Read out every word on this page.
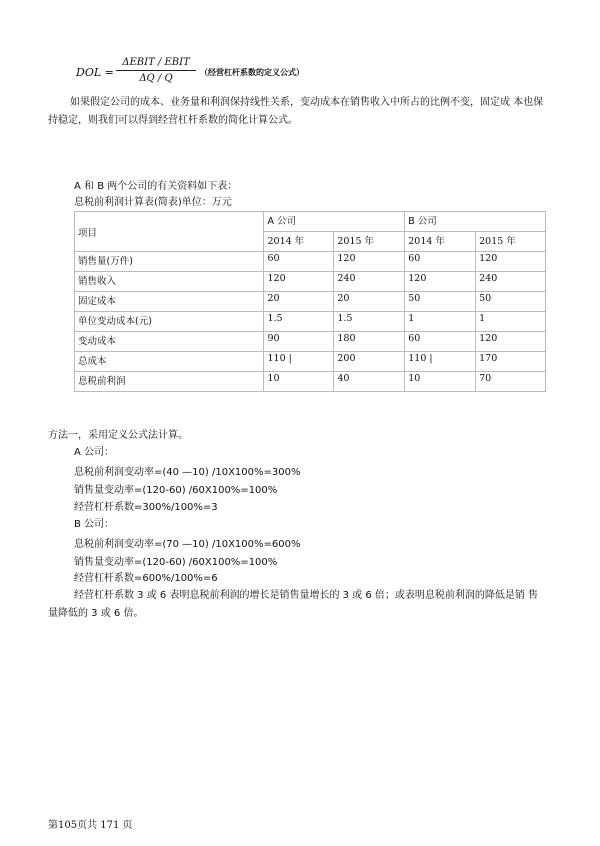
DOL =
ΔEBIT / EBIT
ΔQ / Q
（经营杠杆系数的定义公式）
如果假定公司的成本、业务量和利润保持线性关系，变动成本在销售收入中所占的比例不变，固定成 本也保持稳定，则我们可以得到经营杠杆系数的简化计算公式。
A 和 B 两个公司的有关资料如下表：
息税前利润计算表(简表)单位：万元
项目	A 公司		B 公司	
	2014 年	2015 年	2014 年	2015 年
销售量(万件)	60	120	60	120
销售收入	120	240	120	240
固定成本	20	20	50	50
单位变动成本(元)	1.5	1.5	1	1
变动成本	90	180	60	120
总成本	110 |	200	110 |	170
息税前利润	10	40	10	70
方法一，采用定义公式法计算。
A 公司：
息税前利润变动率=(40 —10) /10X100%=300%
销售量变动率=(120-60) /60X100%=100%
经营杠杆系数=300%/100%=3
B 公司：
息税前利润变动率=(70 —10) /10X100%=600%
销售量变动率=(120-60) /60X100%=100%
经营杠杆系数=600%/100%=6
经营杠杆系数 3 或 6 表明息税前利润的增长是销售量增长的 3 或 6 倍；或表明息税前利润的降低是销 售量降低的 3 或 6 倍。
第105页共 171 页
